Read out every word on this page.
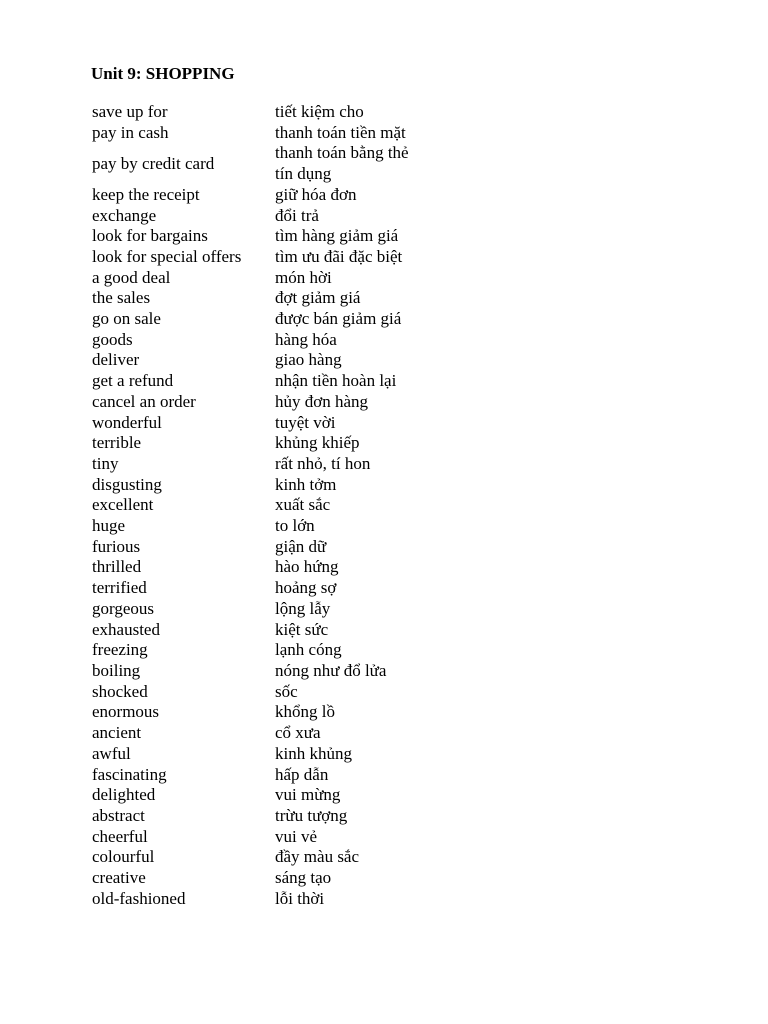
Unit 9: SHOPPING
save up for	tiết kiệm cho
pay in cash	thanh toán tiền mặt
pay by credit card	thanh toán bằng thẻ tín dụng
keep the receipt	giữ hóa đơn
exchange	đổi trả
look for bargains	tìm hàng giảm giá
look for special offers	tìm ưu đãi đặc biệt
a good deal	món hời
the sales	đợt giảm giá
go on sale	được bán giảm giá
goods	hàng hóa
deliver	giao hàng
get a refund	nhận tiền hoàn lại
cancel an order	hủy đơn hàng
wonderful	tuyệt vời
terrible	khủng khiếp
tiny	rất nhỏ, tí hon
disgusting	kinh tởm
excellent	xuất sắc
huge	to lớn
furious	giận dữ
thrilled	hào hứng
terrified	hoảng sợ
gorgeous	lộng lẫy
exhausted	kiệt sức
freezing	lạnh cóng
boiling	nóng như đổ lửa
shocked	sốc
enormous	khổng lồ
ancient	cổ xưa
awful	kinh khủng
fascinating	hấp dẫn
delighted	vui mừng
abstract	trừu tượng
cheerful	vui vẻ
colourful	đầy màu sắc
creative	sáng tạo
old-fashioned	lỗi thời
